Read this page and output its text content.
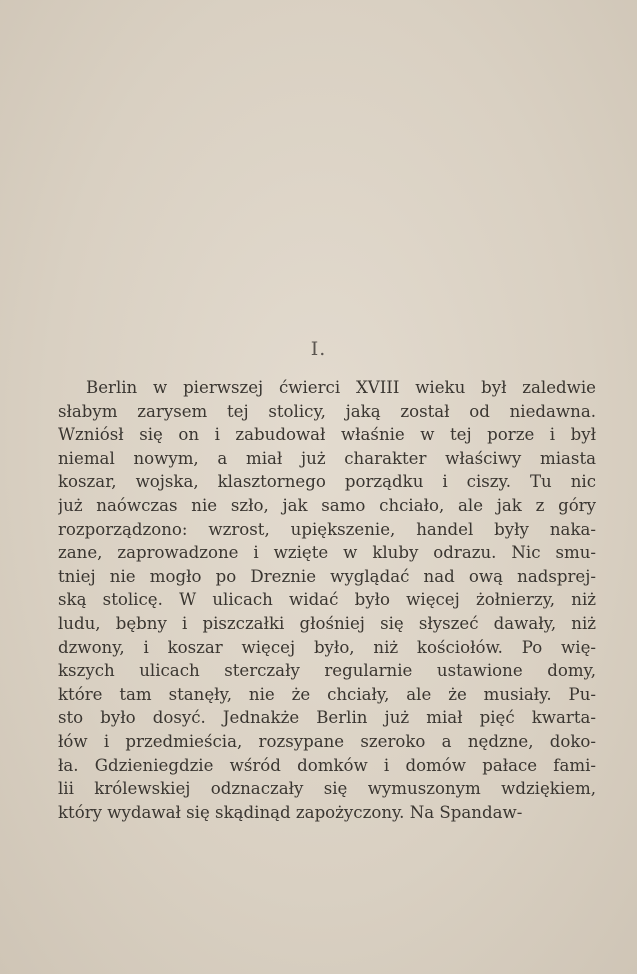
I.
Berlin w pierwszej ćwierci XVIII wieku był zaledwie
słabym zarysem tej stolicy, jaką został od niedawna.
Wzniósł się on i zabudował właśnie w tej porze i był
niemal nowym, a miał już charakter właściwy miasta
koszar, wojska, klasztornego porządku i ciszy. Tu nic
już naówczas nie szło, jak samo chciało, ale jak z góry
rozporządzono: wzrost, upiększenie, handel były naka-
zane, zaprowadzone i wzięte w kluby odrazu. Nic smu-
tniej nie mogło po Dreznie wyglądać nad ową nadsprej-
ską stolicę. W ulicach widać było więcej żołnierzy, niż
ludu, bębny i piszczałki głośniej się słyszeć dawały, niż
dzwony, i koszar więcej było, niż kościołów. Po wię-
kszych ulicach sterczały regularnie ustawione domy,
które tam stanęły, nie że chciały, ale że musiały. Pu-
sto było dosyć. Jednakże Berlin już miał pięć kwarta-
łów i przedmieścia, rozsypane szeroko a nędzne, doko-
ła. Gdzieniegdzie wśród domków i domów pałace fami-
lii królewskiej odznaczały się wymuszonym wdziękiem,
który wydawał się skądinąd zapożyczony. Na Spandaw-
